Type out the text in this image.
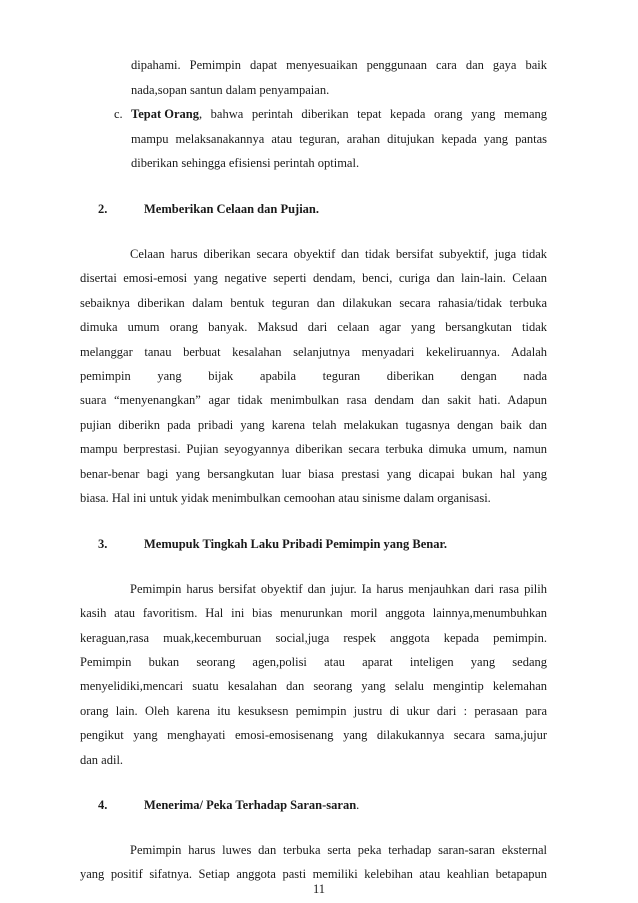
dipahami. Pemimpin dapat menyesuaikan penggunaan cara dan gaya baik
nada,sopan santun dalam penyampaian.
c. Tepat Orang , bahwa perintah diberikan tepat kepada orang yang memang
mampu melaksanakannya atau teguran, arahan ditujukan kepada yang pantas
diberikan sehingga efisiensi perintah optimal.
2.	Memberikan Celaan dan Pujian.
Celaan harus diberikan secara obyektif dan tidak bersifat subyektif, juga tidak
disertai emosi-emosi yang negative seperti dendam, benci, curiga dan lain-lain. Celaan
sebaiknya diberikan dalam bentuk teguran dan dilakukan secara rahasia/tidak terbuka
dimuka umum orang banyak. Maksud dari celaan agar yang bersangkutan tidak
melanggar tanau berbuat kesalahan selanjutnya menyadari kekeliruannya. Adalah
pemimpin yang bijak apabila teguran diberikan dengan nada
suara “menyenangkan” agar tidak menimbulkan rasa dendam dan sakit hati. Adapun
pujian diberikn pada pribadi yang karena telah melakukan tugasnya dengan baik dan
mampu berprestasi. Pujian seyogyannya diberikan secara terbuka dimuka umum, namun
benar-benar bagi yang bersangkutan luar biasa prestasi yang dicapai bukan hal yang
biasa. Hal ini untuk yidak menimbulkan cemoohan atau sinisme dalam organisasi.
3.	Memupuk Tingkah Laku Pribadi Pemimpin yang Benar.
Pemimpin harus bersifat obyektif dan jujur. Ia harus menjauhkan dari rasa pilih
kasih atau favoritism. Hal ini bias menurunkan moril anggota lainnya,menumbuhkan
keraguan,rasa muak,kecemburuan social,juga respek anggota kepada pemimpin.
Pemimpin bukan seorang agen,polisi atau aparat inteligen yang sedang
menyelidiki,mencari suatu kesalahan dan seorang yang selalu mengintip kelemahan
orang lain. Oleh karena itu kesuksesn pemimpin justru di ukur dari : perasaan para
pengikut yang menghayati emosi-emosisenang yang dilakukannya secara sama,jujur
dan adil.
4.	Menerima/ Peka Terhadap Saran-saran.
Pemimpin harus luwes dan terbuka serta peka terhadap saran-saran eksternal
yang positif sifatnya. Setiap anggota pasti memiliki kelebihan atau keahlian betapapun
11
